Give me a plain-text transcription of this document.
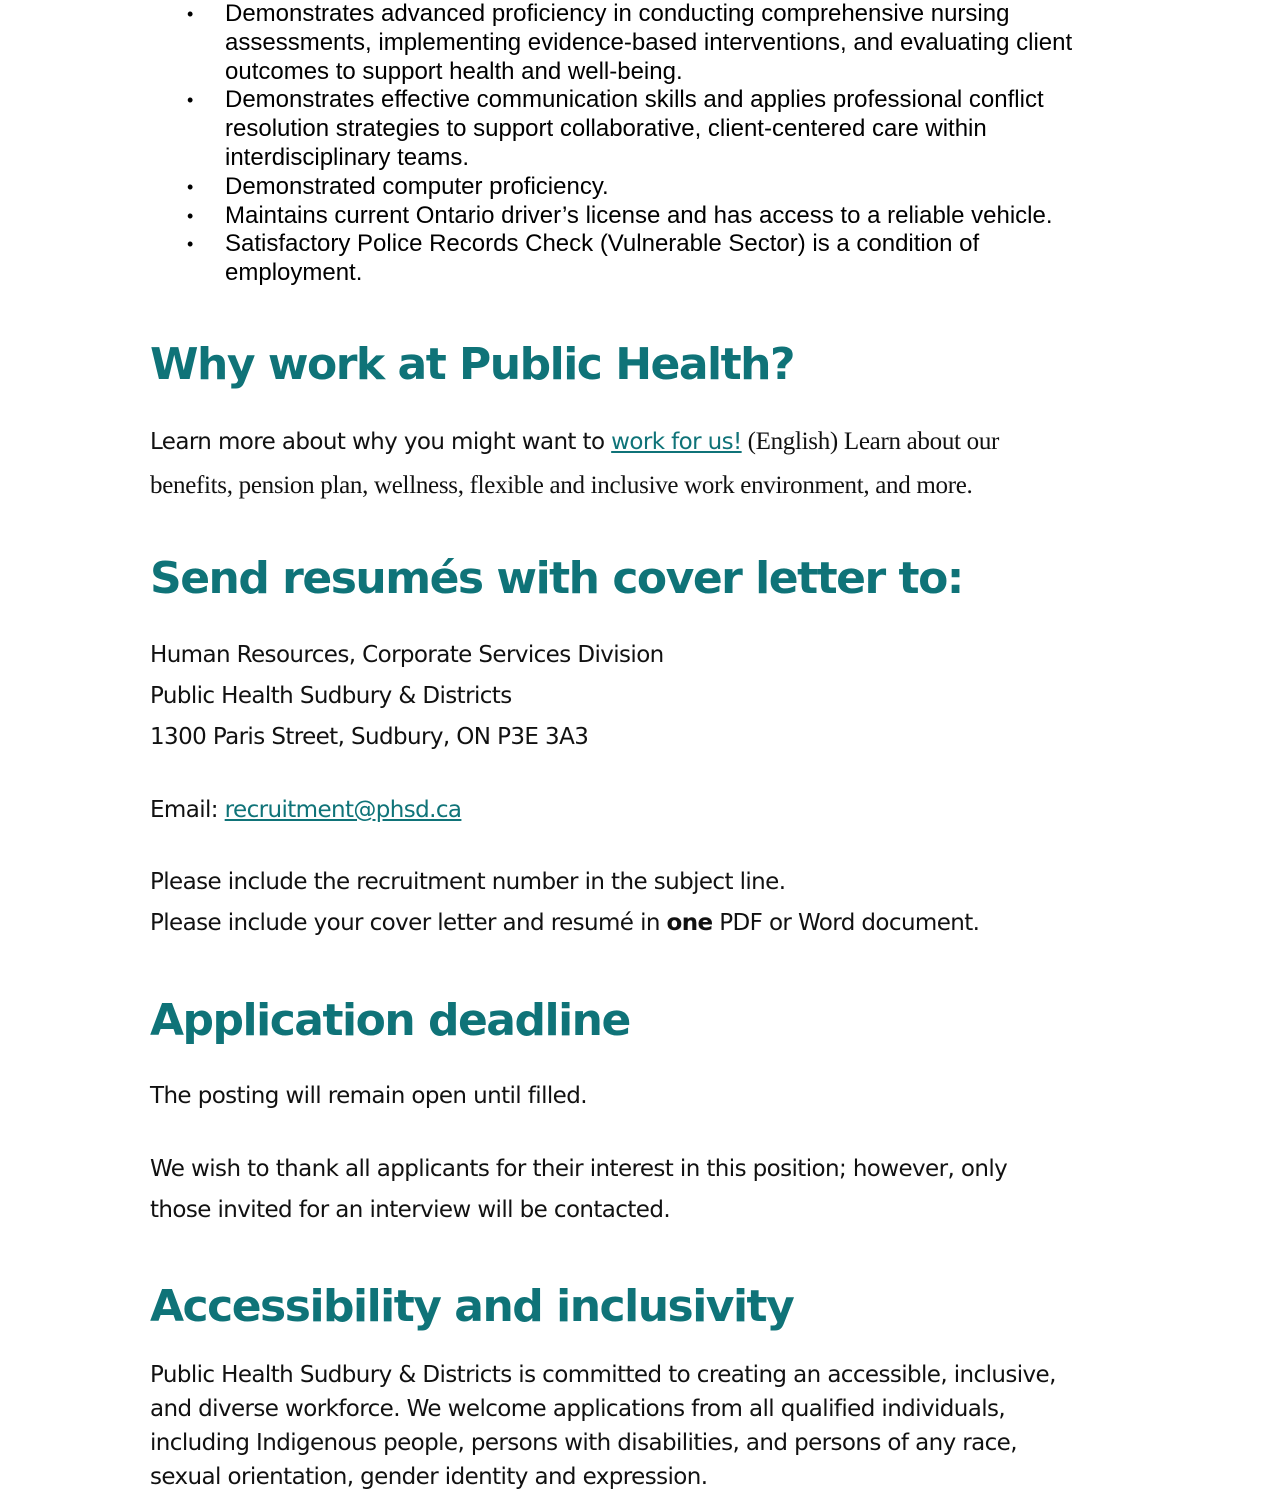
• Demonstrates advanced proficiency in conducting comprehensive nursing
assessments, implementing evidence-based interventions, and evaluating client
outcomes to support health and well-being.
• Demonstrates effective communication skills and applies professional conflict
resolution strategies to support collaborative, client-centered care within
interdisciplinary teams.
• Demonstrated computer proficiency.
• Maintains current Ontario driver’s license and has access to a reliable vehicle.
• Satisfactory Police Records Check (Vulnerable Sector) is a condition of
employment.
Why work at Public Health?

Learn more about why you might want to work for us! (English) Learn about our

benefits, pension plan, wellness, flexible and inclusive work environment, and more.

Send resumés with cover letter to:

Human Resources, Corporate Services Division

Public Health Sudbury & Districts

1300 Paris Street, Sudbury, ON P3E 3A3

Email: recruitment@phsd.ca

Please include the recruitment number in the subject line.

Please include your cover letter and resumé in one PDF or Word document.

Application deadline

The posting will remain open until filled.

We wish to thank all applicants for their interest in this position; however, only

those invited for an interview will be contacted.

Accessibility and inclusivity

Public Health Sudbury & Districts is committed to creating an accessible, inclusive,

and diverse workforce. We welcome applications from all qualified individuals,

including Indigenous people, persons with disabilities, and persons of any race,

sexual orientation, gender identity and expression.
